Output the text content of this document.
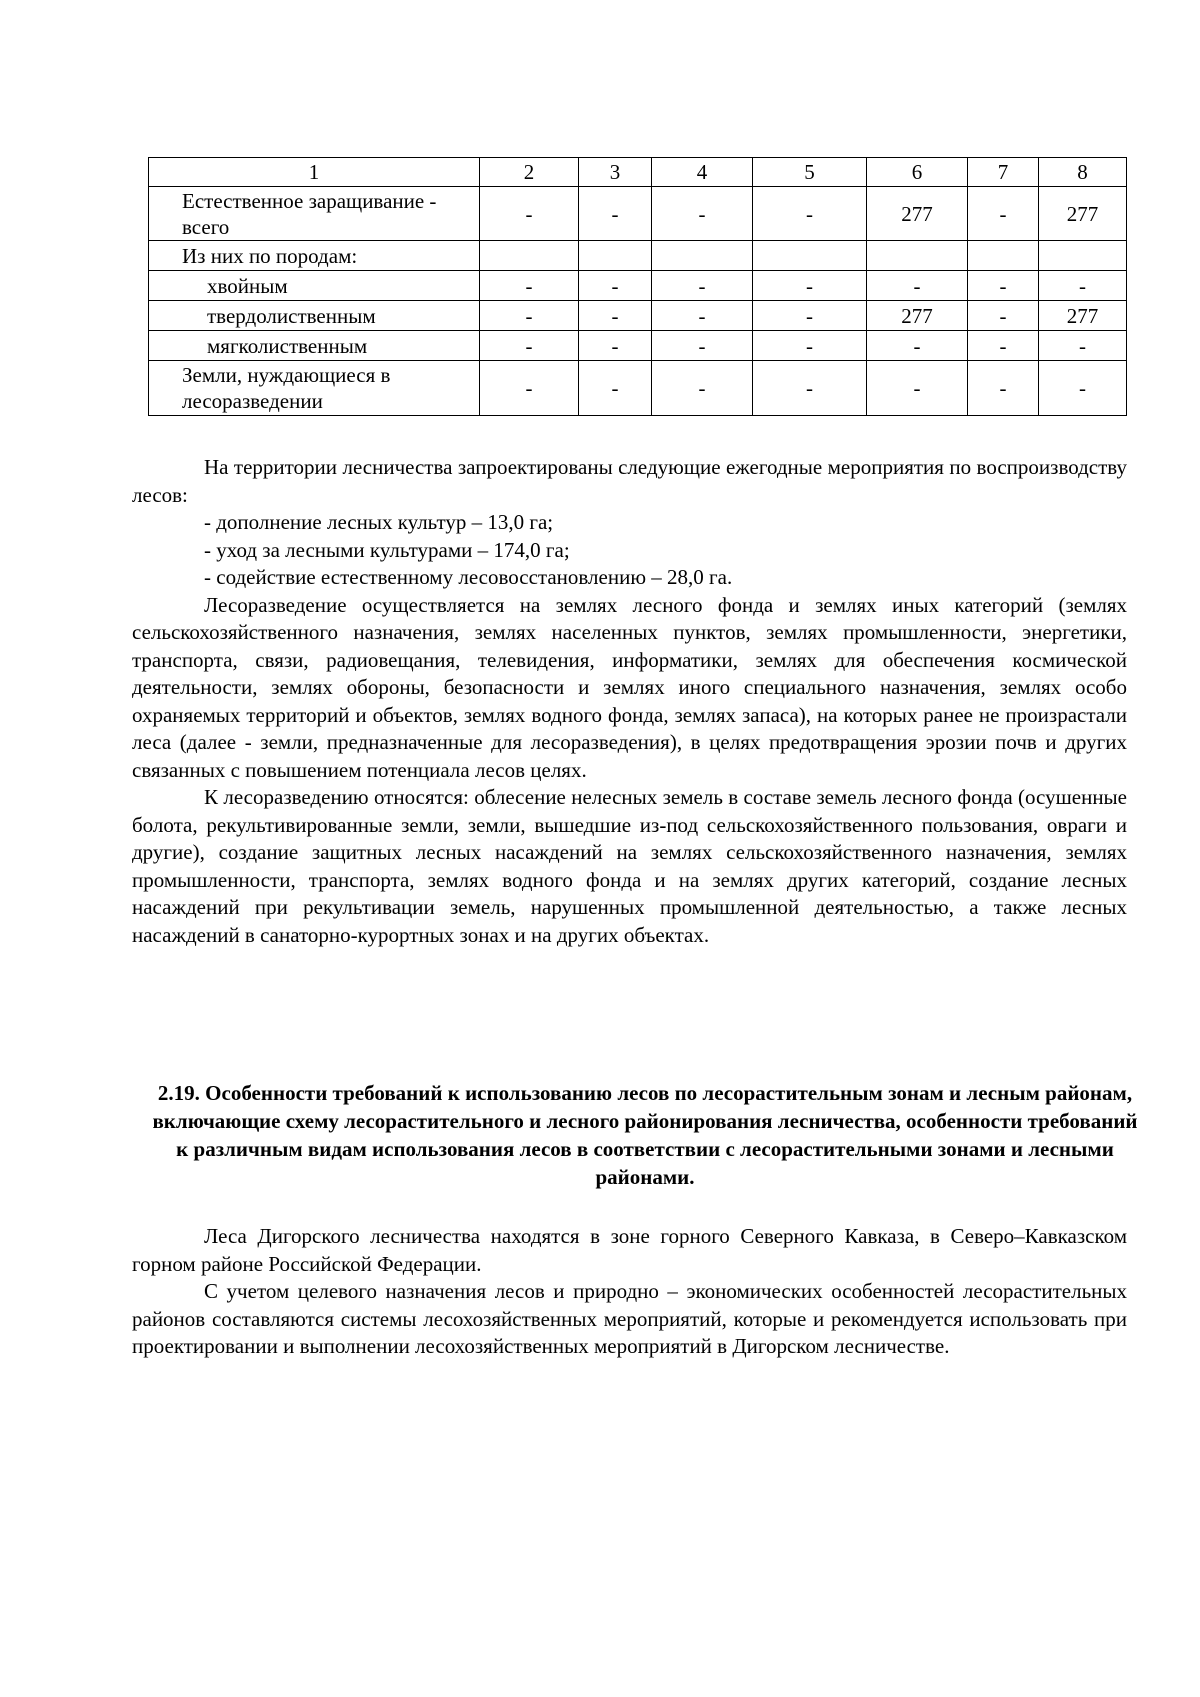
1	2	3	4	5	6	7	8
Естественное заращивание - всего	-	-	-	-	277	-	277
Из них по породам:							
хвойным	-	-	-	-	-	-	-
твердолиственным	-	-	-	-	277	-	277
мягколиственным	-	-	-	-	-	-	-
Земли, нуждающиеся в лесоразведении	-	-	-	-	-	-	-

На территории лесничества запроектированы следующие ежегодные мероприятия по воспроизводству лесов:

- дополнение лесных культур – 13,0 га;

- уход за лесными культурами – 174,0 га;

- содействие естественному лесовосстановлению – 28,0 га.

Лесоразведение осуществляется на землях лесного фонда и землях иных категорий (землях сельскохозяйственного назначения, землях населенных пунктов, землях промышленности, энергетики, транспорта, связи, радиовещания, телевидения, информатики, землях для обеспечения космической деятельности, землях обороны, безопасности и землях иного специального назначения, землях особо охраняемых территорий и объектов, землях водного фонда, землях запаса), на которых ранее не произрастали леса (далее - земли, предназначенные для лесоразведения), в целях предотвращения эрозии почв и других связанных с повышением потенциала лесов целях.

К лесоразведению относятся: облесение нелесных земель в составе земель лесного фонда (осушенные болота, рекультивированные земли, земли, вышедшие из-под сельскохозяйственного пользования, овраги и другие), создание защитных лесных насаждений на землях сельскохозяйственного назначения, землях промышленности, транспорта, землях водного фонда и на землях других категорий, создание лесных насаждений при рекультивации земель, нарушенных промышленной деятельностью, а также лесных насаждений в санаторно-курортных зонах и на других объектах.

2.19. Особенности требований к использованию лесов по лесорастительным зонам и лесным районам, включающие схему лесорастительного и лесного районирования лесничества, особенности требований к различным видам использования лесов в соответствии с лесорастительными зонами и лесными районами.

Леса Дигорского лесничества находятся в зоне горного Северного Кавказа, в Северо–Кавказском горном районе Российской Федерации.

С учетом целевого назначения лесов и природно – экономических особенностей лесорастительных районов составляются системы лесохозяйственных мероприятий, которые и рекомендуется использовать при проектировании и выполнении лесохозяйственных мероприятий в Дигорском лесничестве.
